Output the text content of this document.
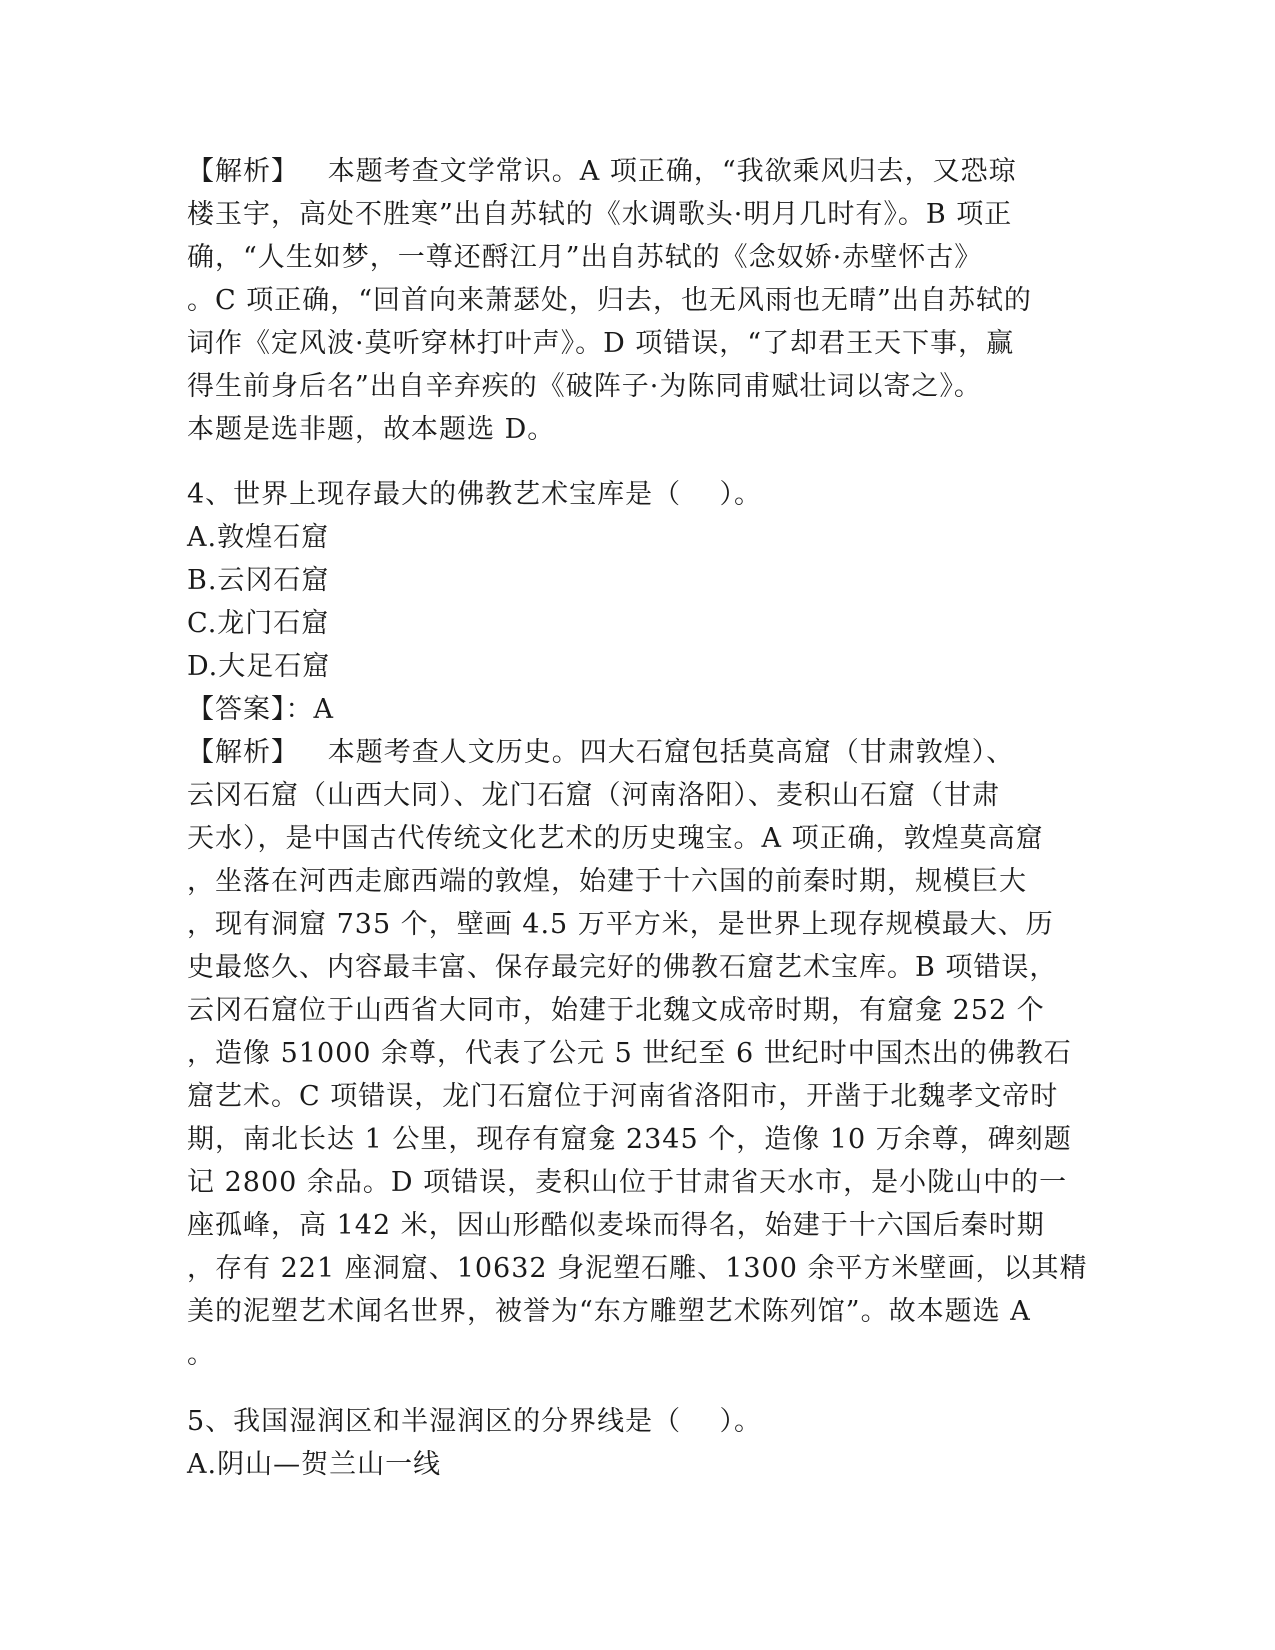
【解析】   本题考查文学常识。A 项正确，“我欲乘风归去，又恐琼
楼玉宇，高处不胜寒”出自苏轼的《水调歌头·明月几时有》。B 项正
确，“人生如梦，一尊还酹江月”出自苏轼的《念奴娇·赤壁怀古》
。C 项正确，“回首向来萧瑟处，归去，也无风雨也无晴”出自苏轼的
词作《定风波·莫听穿林打叶声》。D 项错误，“了却君王天下事，赢
得生前身后名”出自辛弃疾的《破阵子·为陈同甫赋壮词以寄之》。
本题是选非题，故本题选 D。
4、世界上现存最大的佛教艺术宝库是（    ）。
A.敦煌石窟
B.云冈石窟
C.龙门石窟
D.大足石窟
【答案】：A
【解析】   本题考查人文历史。四大石窟包括莫高窟（甘肃敦煌）、
云冈石窟（山西大同）、龙门石窟（河南洛阳）、麦积山石窟（甘肃
天水），是中国古代传统文化艺术的历史瑰宝。A 项正确，敦煌莫高窟
，坐落在河西走廊西端的敦煌，始建于十六国的前秦时期，规模巨大
，现有洞窟 735 个，壁画 4.5 万平方米，是世界上现存规模最大、历
史最悠久、内容最丰富、保存最完好的佛教石窟艺术宝库。B 项错误，
云冈石窟位于山西省大同市，始建于北魏文成帝时期，有窟龛 252 个
，造像 51000 余尊，代表了公元 5 世纪至 6 世纪时中国杰出的佛教石
窟艺术。C 项错误，龙门石窟位于河南省洛阳市，开凿于北魏孝文帝时
期，南北长达 1 公里，现存有窟龛 2345 个，造像 10 万余尊，碑刻题
记 2800 余品。D 项错误，麦积山位于甘肃省天水市，是小陇山中的一
座孤峰，高 142 米，因山形酷似麦垛而得名，始建于十六国后秦时期
，存有 221 座洞窟、10632 身泥塑石雕、1300 余平方米壁画，以其精
美的泥塑艺术闻名世界，被誉为“东方雕塑艺术陈列馆”。故本题选 A
。
5、我国湿润区和半湿润区的分界线是（    ）。
A.阴山—贺兰山一线
